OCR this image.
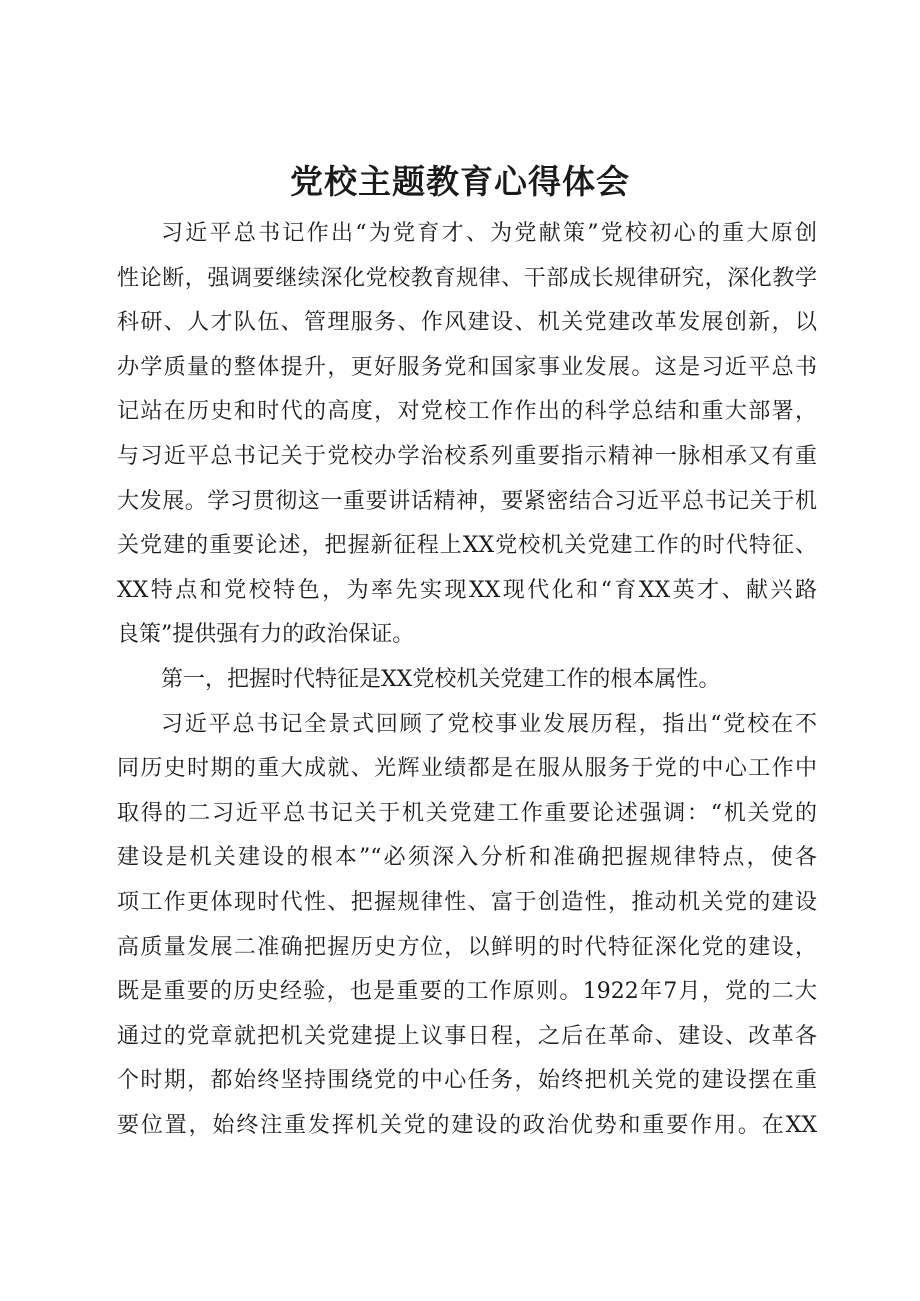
党校主题教育心得体会
习近平总书记作出“为党育才、为党献策”党校初心的重大原创
性论断，强调要继续深化党校教育规律、干部成长规律研究，深化教学
科研、人才队伍、管理服务、作风建设、机关党建改革发展创新，以
办学质量的整体提升，更好服务党和国家事业发展。这是习近平总书
记站在历史和时代的高度，对党校工作作出的科学总结和重大部署，
与习近平总书记关于党校办学治校系列重要指示精神一脉相承又有重
大发展。学习贯彻这一重要讲话精神，要紧密结合习近平总书记关于机
关党建的重要论述，把握新征程上XX党校机关党建工作的时代特征、
XX特点和党校特色，为率先实现XX现代化和“育XX英才、献兴路
良策”提供强有力的政治保证。
第一，把握时代特征是XX党校机关党建工作的根本属性。
习近平总书记全景式回顾了党校事业发展历程，指出“党校在不
同历史时期的重大成就、光辉业绩都是在服从服务于党的中心工作中
取得的二习近平总书记关于机关党建工作重要论述强调：“机关党的
建设是机关建设的根本”“必须深入分析和准确把握规律特点，使各
项工作更体现时代性、把握规律性、富于创造性，推动机关党的建设
高质量发展二准确把握历史方位，以鲜明的时代特征深化党的建设，
既是重要的历史经验，也是重要的工作原则。1922年7月，党的二大
通过的党章就把机关党建提上议事日程，之后在革命、建设、改革各
个时期，都始终坚持围绕党的中心任务，始终把机关党的建设摆在重
要位置，始终注重发挥机关党的建设的政治优势和重要作用。在XX
